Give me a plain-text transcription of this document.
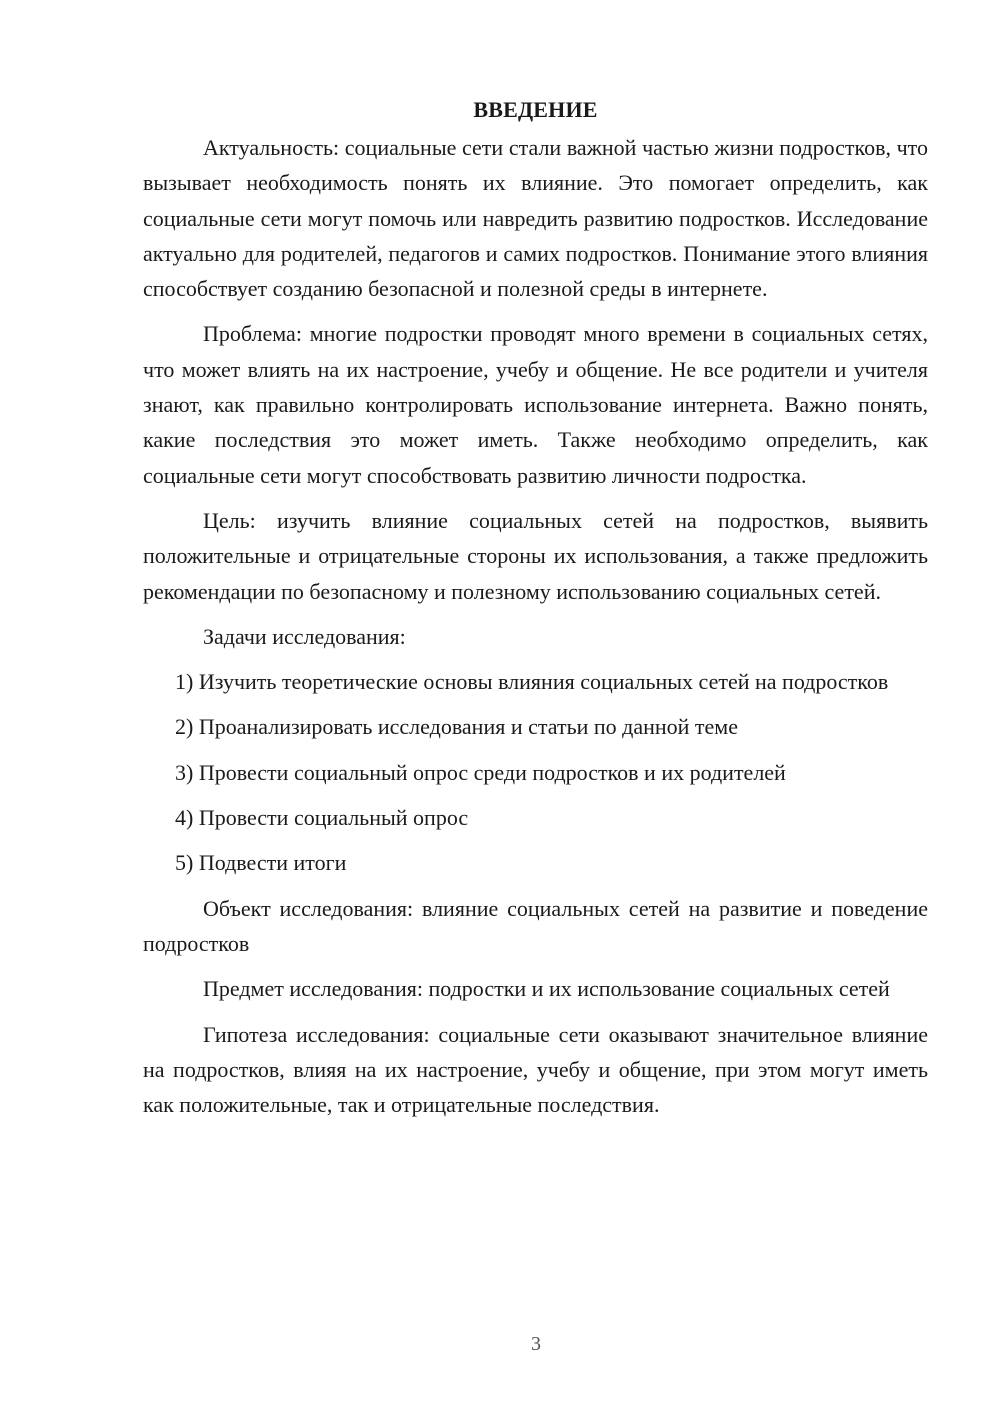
ВВЕДЕНИЕ

Актуальность: социальные сети стали важной частью жизни подростков, что вызывает необходимость понять их влияние. Это помогает определить, как социальные сети могут помочь или навредить развитию подростков. Исследование актуально для родителей, педагогов и самих подростков. Понимание этого влияния способствует созданию безопасной и полезной среды в интернете.

Проблема: многие подростки проводят много времени в социальных сетях, что может влиять на их настроение, учебу и общение. Не все родители и учителя знают, как правильно контролировать использование интернета. Важно понять, какие последствия это может иметь. Также необходимо определить, как социальные сети могут способствовать развитию личности подростка.

Цель: изучить влияние социальных сетей на подростков, выявить положительные и отрицательные стороны их использования, а также предложить рекомендации по безопасному и полезному использованию социальных сетей.

Задачи исследования:

1) Изучить теоретические основы влияния социальных сетей на подростков

2) Проанализировать исследования и статьи по данной теме

3) Провести социальный опрос среди подростков и их родителей

4) Провести социальный опрос

5) Подвести итоги

Объект исследования: влияние социальных сетей на развитие и поведение подростков

Предмет исследования: подростки и их использование социальных сетей

Гипотеза исследования: социальные сети оказывают значительное влияние на подростков, влияя на их настроение, учебу и общение, при этом могут иметь как положительные, так и отрицательные последствия.

3
